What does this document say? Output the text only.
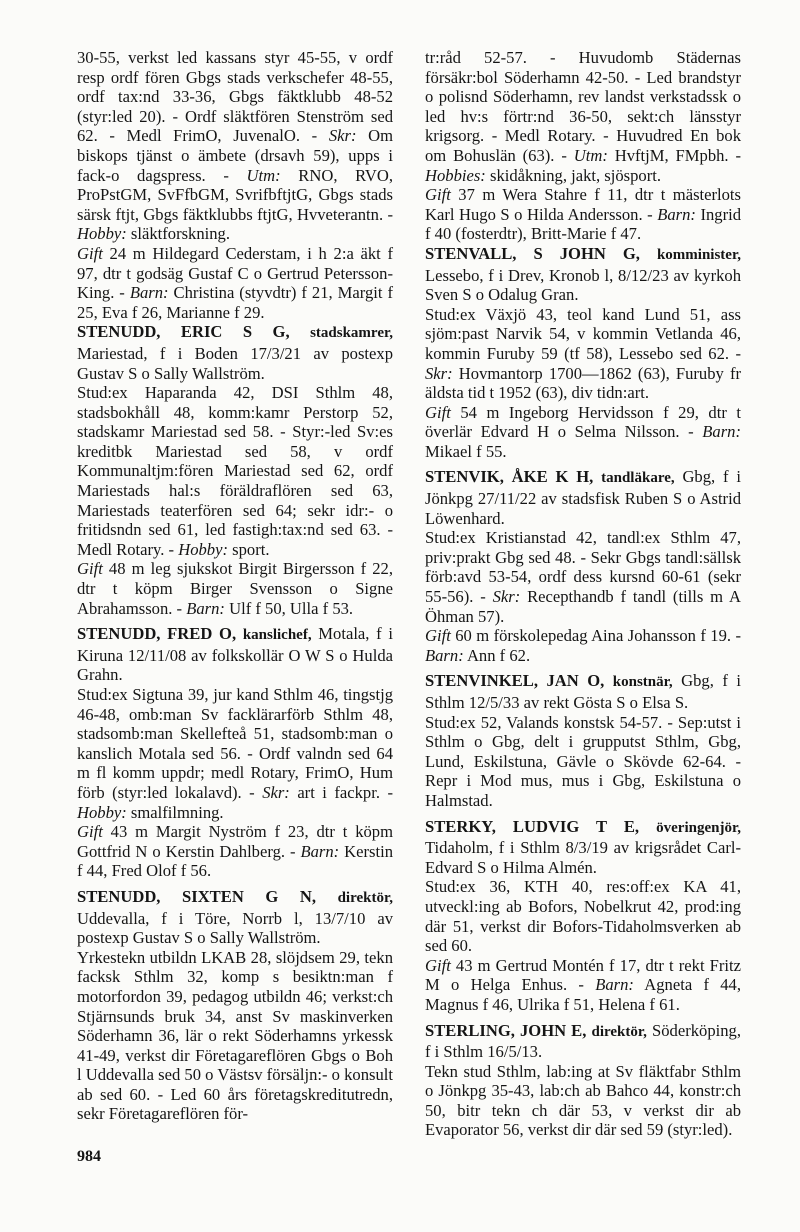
30-55, verkst led kassans styr 45-55, v ordf resp ordf fören Gbgs stads verkschefer 48-55, ordf tax:nd 33-36, Gbgs fäktklubb 48-52 (styr:led 20). - Ordf släktfören Stenström sed 62. - Medl FrimO, JuvenalO. - Skr: Om biskops tjänst o ämbete (drsavh 59), upps i fack-o dagspress. - Utm: RNO, RVO, ProPstGM, SvFfbGM, SvrifbftjtG, Gbgs stads särsk ftjt, Gbgs fäktklubbs ftjtG, Hvveterantn. - Hobby: släktforskning.

Gift 24 m Hildegard Cederstam, i h 2:a äkt f 97, dtr t godsäg Gustaf C o Gertrud Petersson-King. - Barn: Christina (styvdtr) f 21, Margit f 25, Eva f 26, Marianne f 29.

STENUDD, ERIC S G, stadskamrer, Mariestad, f i Boden 17/3/21 av postexp Gustav S o Sally Wallström.

Stud:ex Haparanda 42, DSI Sthlm 48, stadsbokhåll 48, komm:kamr Perstorp 52, stadskamr Mariestad sed 58. - Styr:-led Sv:es kreditbk Mariestad sed 58, v ordf Kommunaltjm:fören Mariestad sed 62, ordf Mariestads hal:s föräldraflören sed 63, Mariestads teaterfören sed 64; sekr idr:- o fritidsndn sed 61, led fastigh:tax:nd sed 63. - Medl Rotary. - Hobby: sport.

Gift 48 m leg sjukskot Birgit Birgersson f 22, dtr t köpm Birger Svensson o Signe Abrahamsson. - Barn: Ulf f 50, Ulla f 53.

STENUDD, FRED O, kanslichef, Motala, f i Kiruna 12/11/08 av folkskollär O W S o Hulda Grahn.

Stud:ex Sigtuna 39, jur kand Sthlm 46, tingstjg 46-48, omb:man Sv facklärarförb Sthlm 48, stadsomb:man Skellefteå 51, stadsomb:man o kanslich Motala sed 56. - Ordf valndn sed 64 m fl komm uppdr; medl Rotary, FrimO, Hum förb (styr:led lokalavd). - Skr: art i fackpr. - Hobby: smalfilmning.

Gift 43 m Margit Nyström f 23, dtr t köpm Gottfrid N o Kerstin Dahlberg. - Barn: Kerstin f 44, Fred Olof f 56.

STENUDD, SIXTEN G N, direktör, Uddevalla, f i Töre, Norrb l, 13/7/10 av postexp Gustav S o Sally Wallström.

Yrkestekn utbildn LKAB 28, slöjdsem 29, tekn facksk Sthlm 32, komp s besiktn:man f motorfordon 39, pedagog utbildn 46; verkst:ch Stjärnsunds bruk 34, anst Sv maskinverken Söderhamn 36, lär o rekt Söderhamns yrkessk 41-49, verkst dir Företagareflören Gbgs o Boh l Uddevalla sed 50 o Västsv försäljn:- o konsult ab sed 60. - Led 60 års företagskreditutredn, sekr Företagareflören för-

tr:råd 52-57. - Huvudomb Städernas försäkr:bol Söderhamn 42-50. - Led brandstyr o polisnd Söderhamn, rev landst verkstadssk o led hv:s förtr:nd 36-50, sekt:ch länsstyr krigsorg. - Medl Rotary. - Huvudred En bok om Bohuslän (63). - Utm: HvftjM, FMpbh. - Hobbies: skidåkning, jakt, sjösport.

Gift 37 m Wera Stahre f 11, dtr t mästerlots Karl Hugo S o Hilda Andersson. - Barn: Ingrid f 40 (fosterdtr), Britt-Marie f 47.

STENVALL, S JOHN G, komminister, Lessebo, f i Drev, Kronob l, 8/12/23 av kyrkoh Sven S o Odalug Gran.

Stud:ex Växjö 43, teol kand Lund 51, ass sjöm:past Narvik 54, v kommin Vetlanda 46, kommin Furuby 59 (tf 58), Lessebo sed 62. - Skr: Hovmantorp 1700—1862 (63), Furuby fr äldsta tid t 1952 (63), div tidn:art.

Gift 54 m Ingeborg Hervidsson f 29, dtr t överlär Edvard H o Selma Nilsson. - Barn: Mikael f 55.

STENVIK, ÅKE K H, tandläkare, Gbg, f i Jönkpg 27/11/22 av stadsfisk Ruben S o Astrid Löwenhard.

Stud:ex Kristianstad 42, tandl:ex Sthlm 47, priv:prakt Gbg sed 48. - Sekr Gbgs tandl:sällsk förb:avd 53-54, ordf dess kursnd 60-61 (sekr 55-56). - Skr: Recepthandb f tandl (tills m A Öhman 57).

Gift 60 m förskolepedag Aina Johansson f 19. - Barn: Ann f 62.

STENVINKEL, JAN O, konstnär, Gbg, f i Sthlm 12/5/33 av rekt Gösta S o Elsa S.

Stud:ex 52, Valands konstsk 54-57. - Sep:utst i Sthlm o Gbg, delt i grupputst Sthlm, Gbg, Lund, Eskilstuna, Gävle o Skövde 62-64. - Repr i Mod mus, mus i Gbg, Eskilstuna o Halmstad.

STERKY, LUDVIG T E, överingenjör, Tidaholm, f i Sthlm 8/3/19 av krigsrådet Carl-Edvard S o Hilma Almén.

Stud:ex 36, KTH 40, res:off:ex KA 41, utveckl:ing ab Bofors, Nobelkrut 42, prod:ing där 51, verkst dir Bofors-Tidaholmsverken ab sed 60.

Gift 43 m Gertrud Montén f 17, dtr t rekt Fritz M o Helga Enhus. - Barn: Agneta f 44, Magnus f 46, Ulrika f 51, Helena f 61.

STERLING, JOHN E, direktör, Söderköping, f i Sthlm 16/5/13.

Tekn stud Sthlm, lab:ing at Sv fläktfabr Sthlm o Jönkpg 35-43, lab:ch ab Bahco 44, konstr:ch 50, bitr tekn ch där 53, v verkst dir ab Evaporator 56, verkst dir där sed 59 (styr:led).

984
